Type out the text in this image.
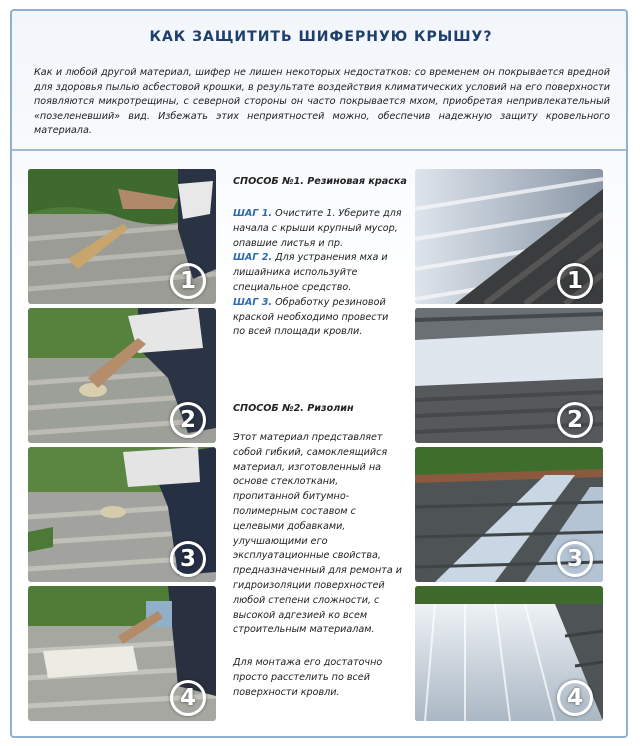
КАК ЗАЩИТИТЬ ШИФЕРНУЮ КРЫШУ?
Как и любой другой материал, шифер не лишен некоторых недостатков: со временем он покрывается вредной для здоровья пылью асбестовой крошки, в результате воздействия климатических условий на его поверхности появляются микротрещины, с северной стороны он часто покрывается мхом, приобретая непривлекательный «позеленевший» вид. Избежать этих неприятностей можно, обеспечив надежную защиту кровельного материала.
1
2
3
4
СПОСОБ №1. Резиновая краска
ШАГ 1. Очистите 1. Уберите для начала с крыши крупный мусор, опавшие листья и пр.
ШАГ 2. Для устранения мха и лишайника используйте специальное средство.
ШАГ 3. Обработку резиновой краской необходимо провести по всей площади кровли.
СПОСОБ №2. Ризолин
Этот материал представляет собой гибкий, самоклеящийся материал, изготовленный на основе стеклоткани, пропитанной битумно-полимерным составом с целевыми добавками, улучшающими его эксплуатационные свойства, предназначенный для ремонта и гидроизоляции поверхностей любой степени сложности, с высокой адгезией ко всем строительным материалам.
Для монтажа его достаточно просто расстелить по всей поверхности кровли.
1
2
3
4
